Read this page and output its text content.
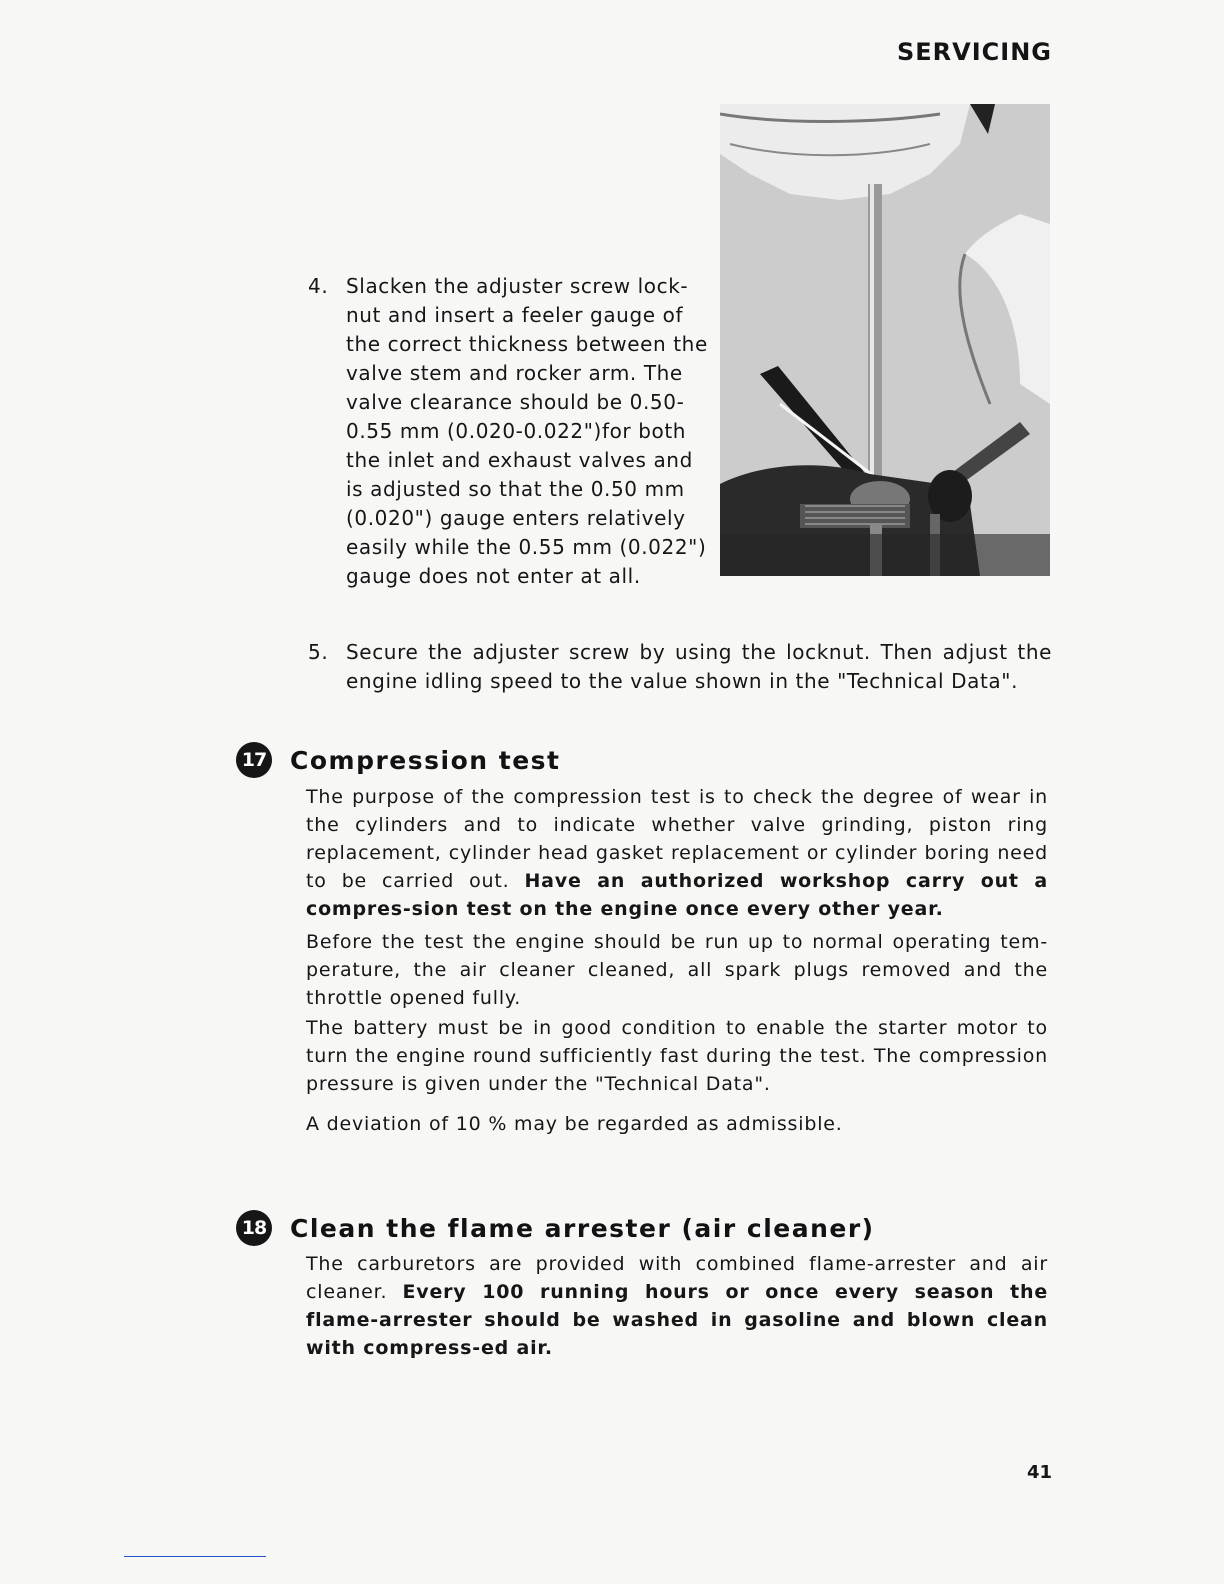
SERVICING
4. Slacken the adjuster screw lock-nut and insert a feeler gauge of the correct thickness between the valve stem and rocker arm. The valve clearance should be 0.50-0.55 mm (0.020-0.022")for both the inlet and exhaust valves and is adjusted so that the 0.50 mm (0.020") gauge enters relatively easily while the 0.55 mm (0.022") gauge does not enter at all.
5. Secure the adjuster screw by using the locknut. Then adjust the engine idling speed to the value shown in the "Technical Data".
17 Compression test

The purpose of the compression test is to check the degree of wear in the cylinders and to indicate whether valve grinding, piston ring replacement, cylinder head gasket replacement or cylinder boring need to be carried out. Have an authorized workshop carry out a compres-sion test on the engine once every other year.

Before the test the engine should be run up to normal operating tem-perature, the air cleaner cleaned, all spark plugs removed and the throttle opened fully.

The battery must be in good condition to enable the starter motor to turn the engine round sufficiently fast during the test. The compression pressure is given under the "Technical Data".

A deviation of 10 % may be regarded as admissible.

18 Clean the flame arrester (air cleaner)

The carburetors are provided with combined flame-arrester and air cleaner. Every 100 running hours or once every season the flame-arrester should be washed in gasoline and blown clean with compress-ed air.

41
